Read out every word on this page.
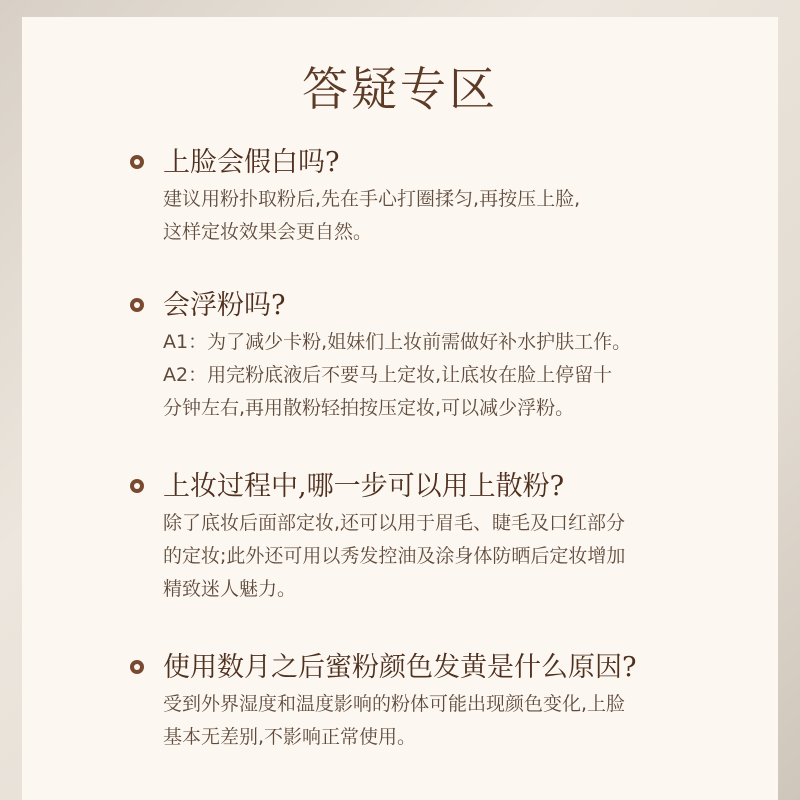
答疑专区
上脸会假白吗?

建议用粉扑取粉后,先在手心打圈揉匀,再按压上脸,
这样定妆效果会更自然。

会浮粉吗?

A1：为了减少卡粉,姐妹们上妆前需做好补水护肤工作。
A2：用完粉底液后不要马上定妆,让底妆在脸上停留十
分钟左右,再用散粉轻拍按压定妆,可以减少浮粉。

上妆过程中,哪一步可以用上散粉?

除了底妆后面部定妆,还可以用于眉毛、睫毛及口红部分
的定妆;此外还可用以秀发控油及涂身体防晒后定妆增加
精致迷人魅力。

使用数月之后蜜粉颜色发黄是什么原因?

受到外界湿度和温度影响的粉体可能出现颜色变化,上脸
基本无差别,不影响正常使用。
